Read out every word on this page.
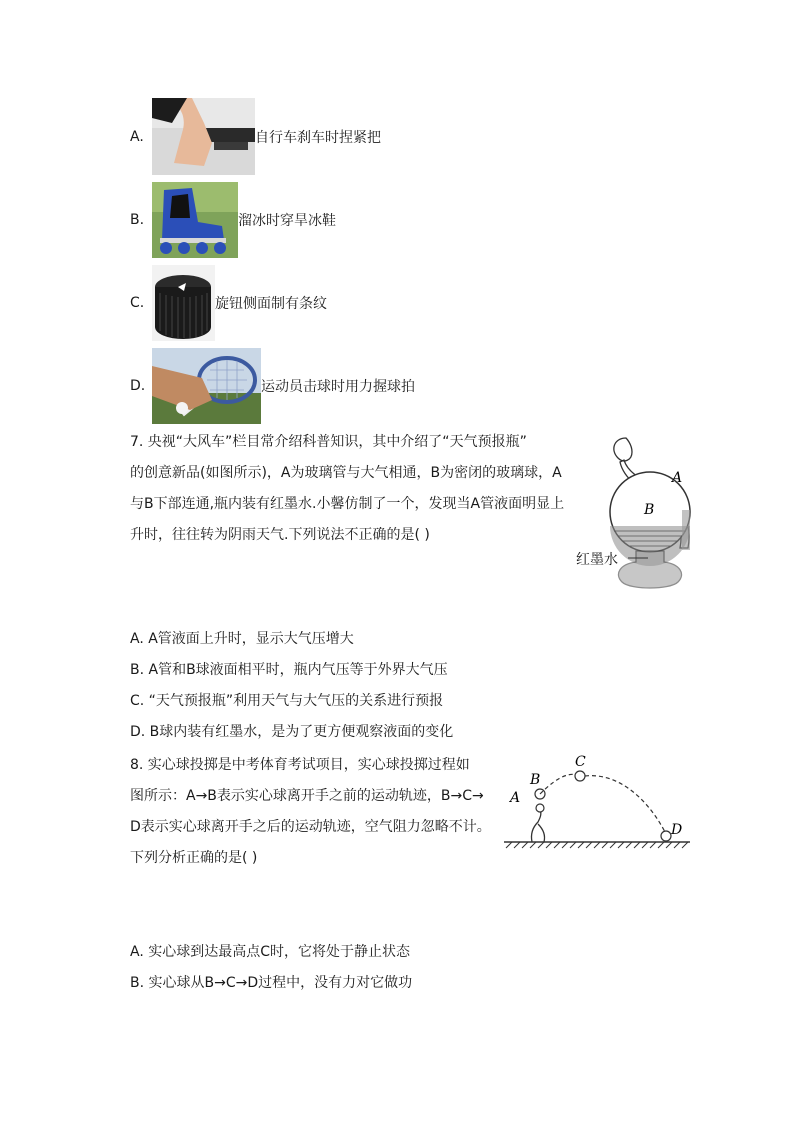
A.	自行车刹车时捏紧把
B.	溜冰时穿旱冰鞋
C.	旋钮侧面制有条纹
D.	运动员击球时用力握球拍
7. 央视“大风车”栏目常介绍科普知识，其中介绍了“天气预报瓶”
的创意新品(如图所示)，A为玻璃管与大气相通，B为密闭的玻璃球，A
与B下部连通,瓶内装有红墨水.小馨仿制了一个，发现当A管液面明显上
升时，往往转为阴雨天气.下列说法不正确的是( )
A
B
红墨水
A. A管液面上升时，显示大气压增大
B. A管和B球液面相平时，瓶内气压等于外界大气压
C. “天气预报瓶”利用天气与大气压的关系进行预报
D. B球内装有红墨水，是为了更方便观察液面的变化
8. 实心球投掷是中考体育考试项目，实心球投掷过程如
图所示：A→B表示实心球离开手之前的运动轨迹，B→C→
D表示实心球离开手之后的运动轨迹，空气阻力忽略不计。
下列分析正确的是( )
A
B
C
D
A. 实心球到达最高点C时，它将处于静止状态
B. 实心球从B→C→D过程中，没有力对它做功
